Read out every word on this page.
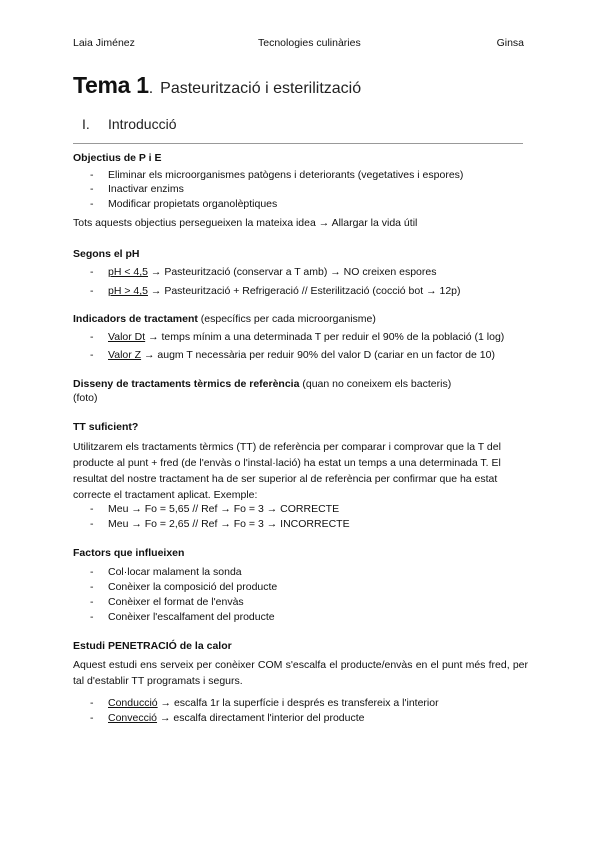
Laia Jiménez	Tecnologies culinàries	Ginsa
Tema 1. Pasteurització i esterilització
I. Introducció
Objectius de P i E
- Eliminar els microorganismes patògens i deteriorants (vegetatives i espores)
- Inactivar enzims
- Modificar propietats organolèptiques
Tots aquests objectius persegueixen la mateixa idea → Allargar la vida útil
Segons el pH
- pH < 4,5 → Pasteurització (conservar a T amb) → NO creixen espores
- pH > 4,5 → Pasteurització + Refrigeració // Esterilització (cocció bot → 12p)
Indicadors de tractament (específics per cada microorganisme)
- Valor Dt → temps mínim a una determinada T per reduir el 90% de la població (1 log)
- Valor Z → augm T necessària per reduir 90% del valor D (cariar en un factor de 10)
Disseny de tractaments tèrmics de referència (quan no coneixem els bacteris)
(foto)
TT suficient?
Utilitzarem els tractaments tèrmics (TT) de referència per comparar i comprovar que la T del producte al punt + fred (de l'envàs o l'instal·lació) ha estat un temps a una determinada T. El resultat del nostre tractament ha de ser superior al de referència per confirmar que ha estat correcte el tractament aplicat. Exemple:
- Meu → Fo = 5,65 // Ref → Fo = 3 → CORRECTE
- Meu → Fo = 2,65 // Ref → Fo = 3 → INCORRECTE
Factors que influeixen
- Col·locar malament la sonda
- Conèixer la composició del producte
- Conèixer el format de l'envàs
- Conèixer l'escalfament del producte
Estudi PENETRACIÓ de la calor
Aquest estudi ens serveix per conèixer COM s'escalfa el producte/envàs en el punt més fred, per tal d'establir TT programats i segurs.
- Conducció → escalfa 1r la superfície i després es transfereix a l'interior
- Convecció → escalfa directament l'interior del producte
